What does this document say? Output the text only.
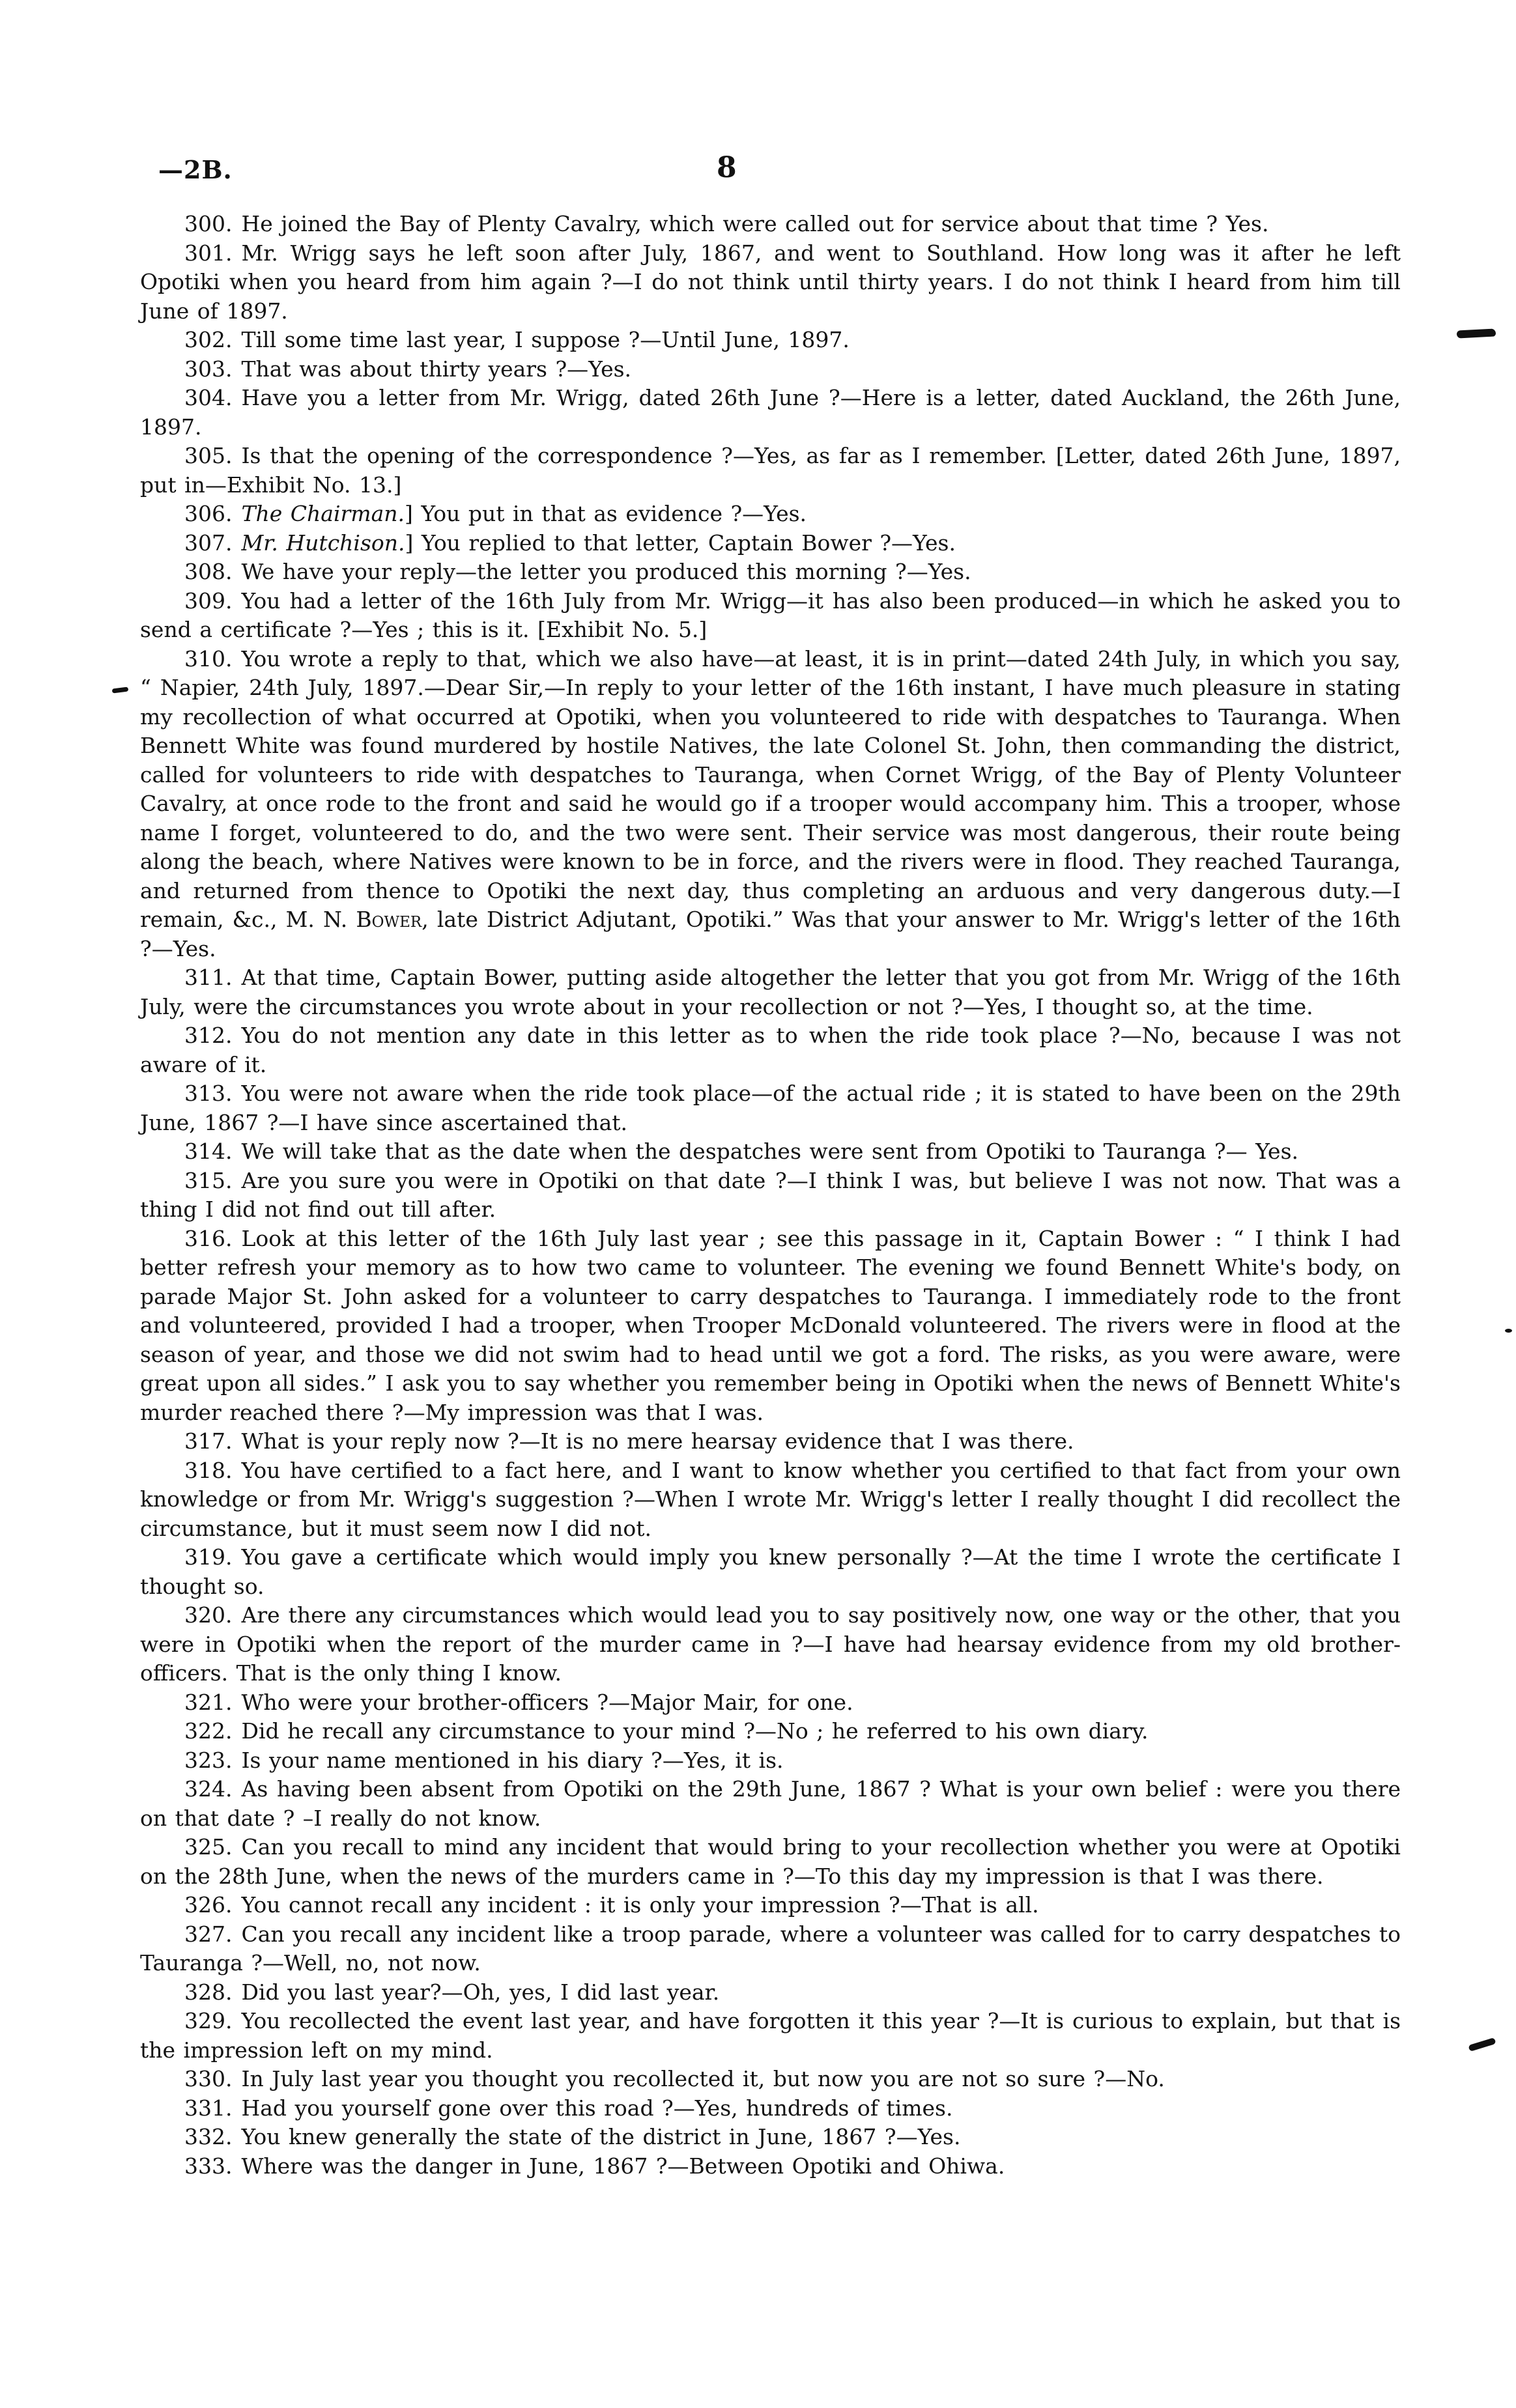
—2B.	8

300. He joined the Bay of Plenty Cavalry, which were called out for service about that time ? Yes.

301. Mr. Wrigg says he left soon after July, 1867, and went to Southland. How long was it after he left Opotiki when you heard from him again ?—I do not think until thirty years. I do not think I heard from him till June of 1897.

302. Till some time last year, I suppose ?—Until June, 1897.

303. That was about thirty years ?—Yes.

304. Have you a letter from Mr. Wrigg, dated 26th June ?—Here is a letter, dated Auckland, the 26th June, 1897.

305. Is that the opening of the correspondence ?—Yes, as far as I remember. [Letter, dated 26th June, 1897, put in—Exhibit No. 13.]

306. The Chairman.] You put in that as evidence ?—Yes.

307. Mr. Hutchison.] You replied to that letter, Captain Bower ?—Yes.

308. We have your reply—the letter you produced this morning ?—Yes.

309. You had a letter of the 16th July from Mr. Wrigg—it has also been produced—in which he asked you to send a certificate ?—Yes ; this is it. [Exhibit No. 5.]

310. You wrote a reply to that, which we also have—at least, it is in print—dated 24th July, in which you say, “ Napier, 24th July, 1897.—Dear Sir,—In reply to your letter of the 16th instant, I have much pleasure in stating my recollection of what occurred at Opotiki, when you volunteered to ride with despatches to Tauranga. When Bennett White was found murdered by hostile Natives, the late Colonel St. John, then commanding the district, called for volunteers to ride with despatches to Tauranga, when Cornet Wrigg, of the Bay of Plenty Volunteer Cavalry, at once rode to the front and said he would go if a trooper would accompany him. This a trooper, whose name I forget, volunteered to do, and the two were sent. Their service was most dangerous, their route being along the beach, where Natives were known to be in force, and the rivers were in flood. They reached Tauranga, and returned from thence to Opotiki the next day, thus completing an arduous and very dangerous duty.—I remain, &c., M. N. Bower, late District Adjutant, Opotiki.” Was that your answer to Mr. Wrigg's letter of the 16th ?—Yes.

311. At that time, Captain Bower, putting aside altogether the letter that you got from Mr. Wrigg of the 16th July, were the circumstances you wrote about in your recollection or not ?—Yes, I thought so, at the time.

312. You do not mention any date in this letter as to when the ride took place ?—No, because I was not aware of it.

313. You were not aware when the ride took place—of the actual ride ; it is stated to have been on the 29th June, 1867 ?—I have since ascertained that.

314. We will take that as the date when the despatches were sent from Opotiki to Tauranga ?— Yes.

315. Are you sure you were in Opotiki on that date ?—I think I was, but believe I was not now. That was a thing I did not find out till after.

316. Look at this letter of the 16th July last year ; see this passage in it, Captain Bower : “ I think I had better refresh your memory as to how two came to volunteer. The evening we found Bennett White's body, on parade Major St. John asked for a volunteer to carry despatches to Tauranga. I immediately rode to the front and volunteered, provided I had a trooper, when Trooper McDonald volunteered. The rivers were in flood at the season of year, and those we did not swim had to head until we got a ford. The risks, as you were aware, were great upon all sides.” I ask you to say whether you remember being in Opotiki when the news of Bennett White's murder reached there ?—My impression was that I was.

317. What is your reply now ?—It is no mere hearsay evidence that I was there.

318. You have certified to a fact here, and I want to know whether you certified to that fact from your own knowledge or from Mr. Wrigg's suggestion ?—When I wrote Mr. Wrigg's letter I really thought I did recollect the circumstance, but it must seem now I did not.

319. You gave a certificate which would imply you knew personally ?—At the time I wrote the certificate I thought so.

320. Are there any circumstances which would lead you to say positively now, one way or the other, that you were in Opotiki when the report of the murder came in ?—I have had hearsay evidence from my old brother-officers. That is the only thing I know.

321. Who were your brother-officers ?—Major Mair, for one.

322. Did he recall any circumstance to your mind ?—No ; he referred to his own diary.

323. Is your name mentioned in his diary ?—Yes, it is.

324. As having been absent from Opotiki on the 29th June, 1867 ? What is your own belief : were you there on that date ? –I really do not know.

325. Can you recall to mind any incident that would bring to your recollection whether you were at Opotiki on the 28th June, when the news of the murders came in ?—To this day my impression is that I was there.

326. You cannot recall any incident : it is only your impression ?—That is all.

327. Can you recall any incident like a troop parade, where a volunteer was called for to carry despatches to Tauranga ?—Well, no, not now.

328. Did you last year?—Oh, yes, I did last year.

329. You recollected the event last year, and have forgotten it this year ?—It is curious to explain, but that is the impression left on my mind.

330. In July last year you thought you recollected it, but now you are not so sure ?—No.

331. Had you yourself gone over this road ?—Yes, hundreds of times.

332. You knew generally the state of the district in June, 1867 ?—Yes.

333. Where was the danger in June, 1867 ?—Between Opotiki and Ohiwa.
